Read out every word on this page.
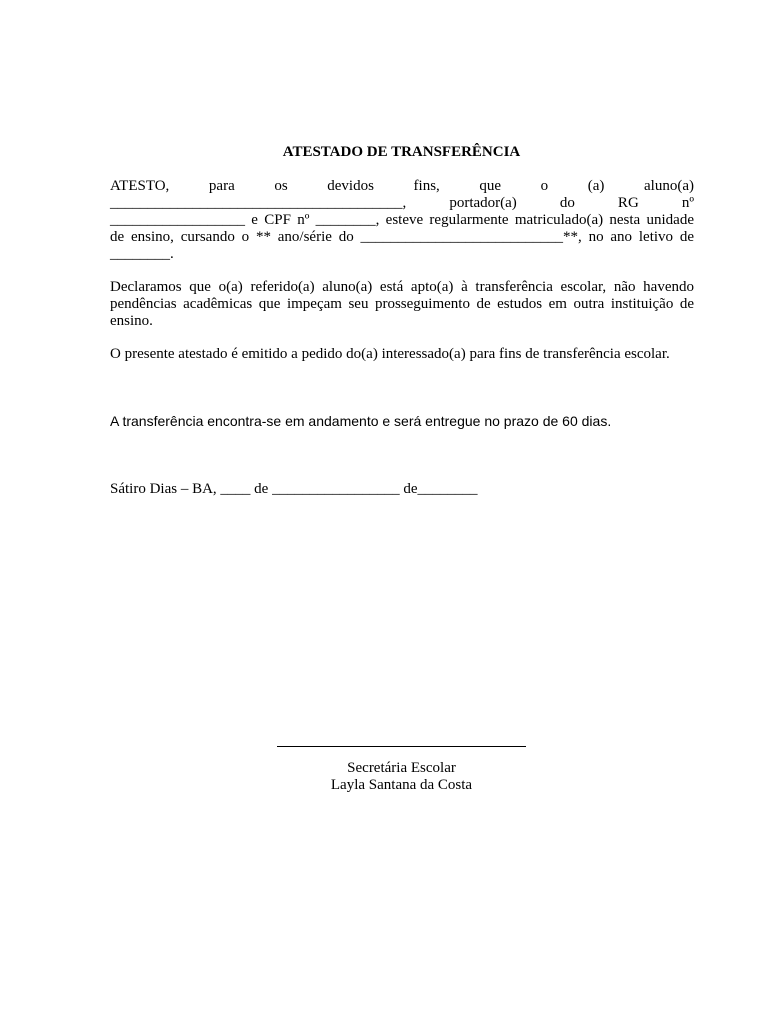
ATESTADO DE TRANSFERÊNCIA
ATESTO, para os devidos fins, que o (a) aluno(a)
_______________________________________, portador(a) do RG nº
__________________ e CPF nº ________, esteve regularmente matriculado(a) nesta unidade
de ensino, cursando o ** ano/série do ___________________________**, no ano letivo de
________.

Declaramos que o(a) referido(a) aluno(a) está apto(a) à transferência escolar, não havendo pendências acadêmicas que impeçam seu prosseguimento de estudos em outra instituição de ensino.

O presente atestado é emitido a pedido do(a) interessado(a) para fins de transferência escolar.

A transferência encontra-se em andamento e será entregue no prazo de 60 dias.

Sátiro Dias – BA, ____ de _________________ de________

Secretária Escolar
Layla Santana da Costa
